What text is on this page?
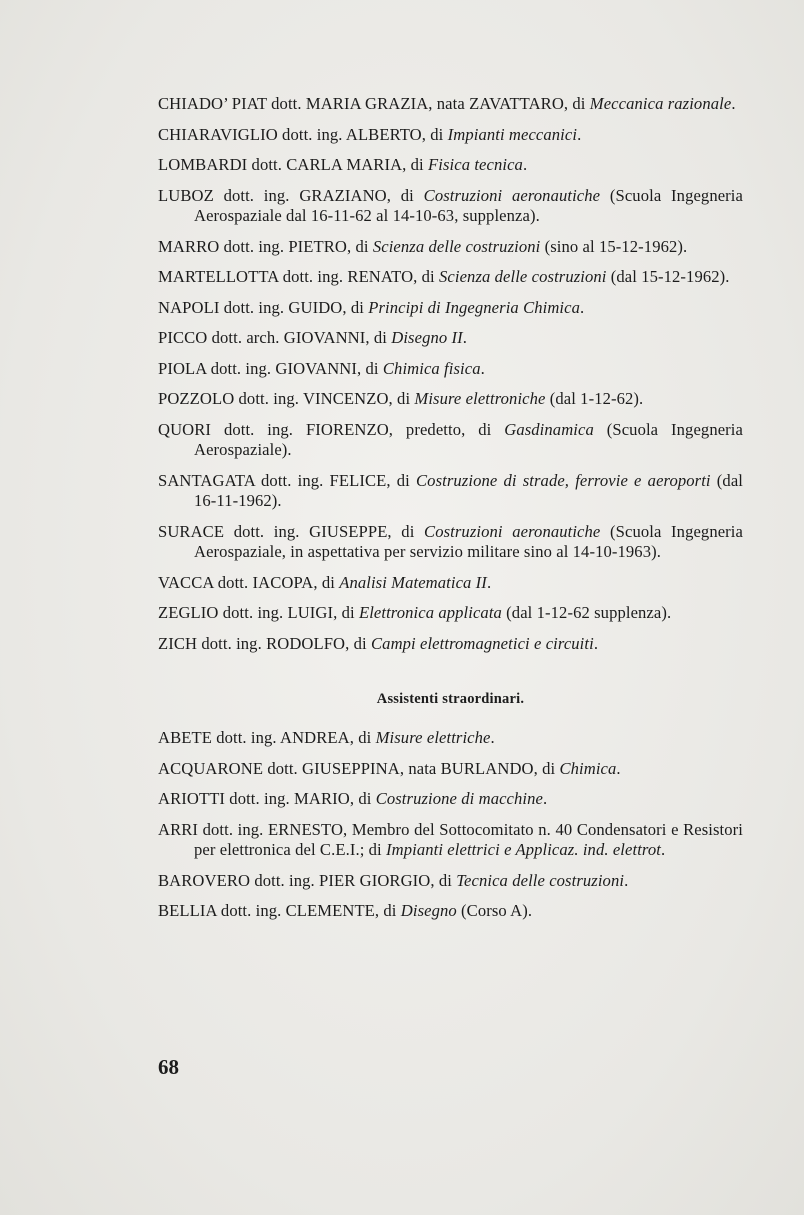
CHIADO’ PIAT dott. MARIA GRAZIA, nata ZAVATTARO, di Meccanica razionale.

CHIARAVIGLIO dott. ing. ALBERTO, di Impianti meccanici.

LOMBARDI dott. CARLA MARIA, di Fisica tecnica.

LUBOZ dott. ing. GRAZIANO, di Costruzioni aeronautiche (Scuola Ingegneria Aerospaziale dal 16-11-62 al 14-10-63, supplenza).

MARRO dott. ing. PIETRO, di Scienza delle costruzioni (sino al 15-12-1962).

MARTELLOTTA dott. ing. RENATO, di Scienza delle costruzioni (dal 15-12-1962).

NAPOLI dott. ing. GUIDO, di Principi di Ingegneria Chimica.

PICCO dott. arch. GIOVANNI, di Disegno II.

PIOLA dott. ing. GIOVANNI, di Chimica fisica.

POZZOLO dott. ing. VINCENZO, di Misure elettroniche (dal 1-12-62).

QUORI dott. ing. FIORENZO, predetto, di Gasdinamica (Scuola Ingegneria Aerospaziale).

SANTAGATA dott. ing. FELICE, di Costruzione di strade, ferrovie e aeroporti (dal 16-11-1962).

SURACE dott. ing. GIUSEPPE, di Costruzioni aeronautiche (Scuola Ingegneria Aerospaziale, in aspettativa per servizio militare sino al 14-10-1963).

VACCA dott. IACOPA, di Analisi Matematica II.

ZEGLIO dott. ing. LUIGI, di Elettronica applicata (dal 1-12-62 supplenza).

ZICH dott. ing. RODOLFO, di Campi elettromagnetici e circuiti.

Assistenti straordinari.

ABETE dott. ing. ANDREA, di Misure elettriche.

ACQUARONE dott. GIUSEPPINA, nata BURLANDO, di Chimica.

ARIOTTI dott. ing. MARIO, di Costruzione di macchine.

ARRI dott. ing. ERNESTO, Membro del Sottocomitato n. 40 Condensatori e Resistori per elettronica del C.E.I.; di Impianti elettrici e Applicaz. ind. elettrot.

BAROVERO dott. ing. PIER GIORGIO, di Tecnica delle costruzioni.

BELLIA dott. ing. CLEMENTE, di Disegno (Corso A).

68
